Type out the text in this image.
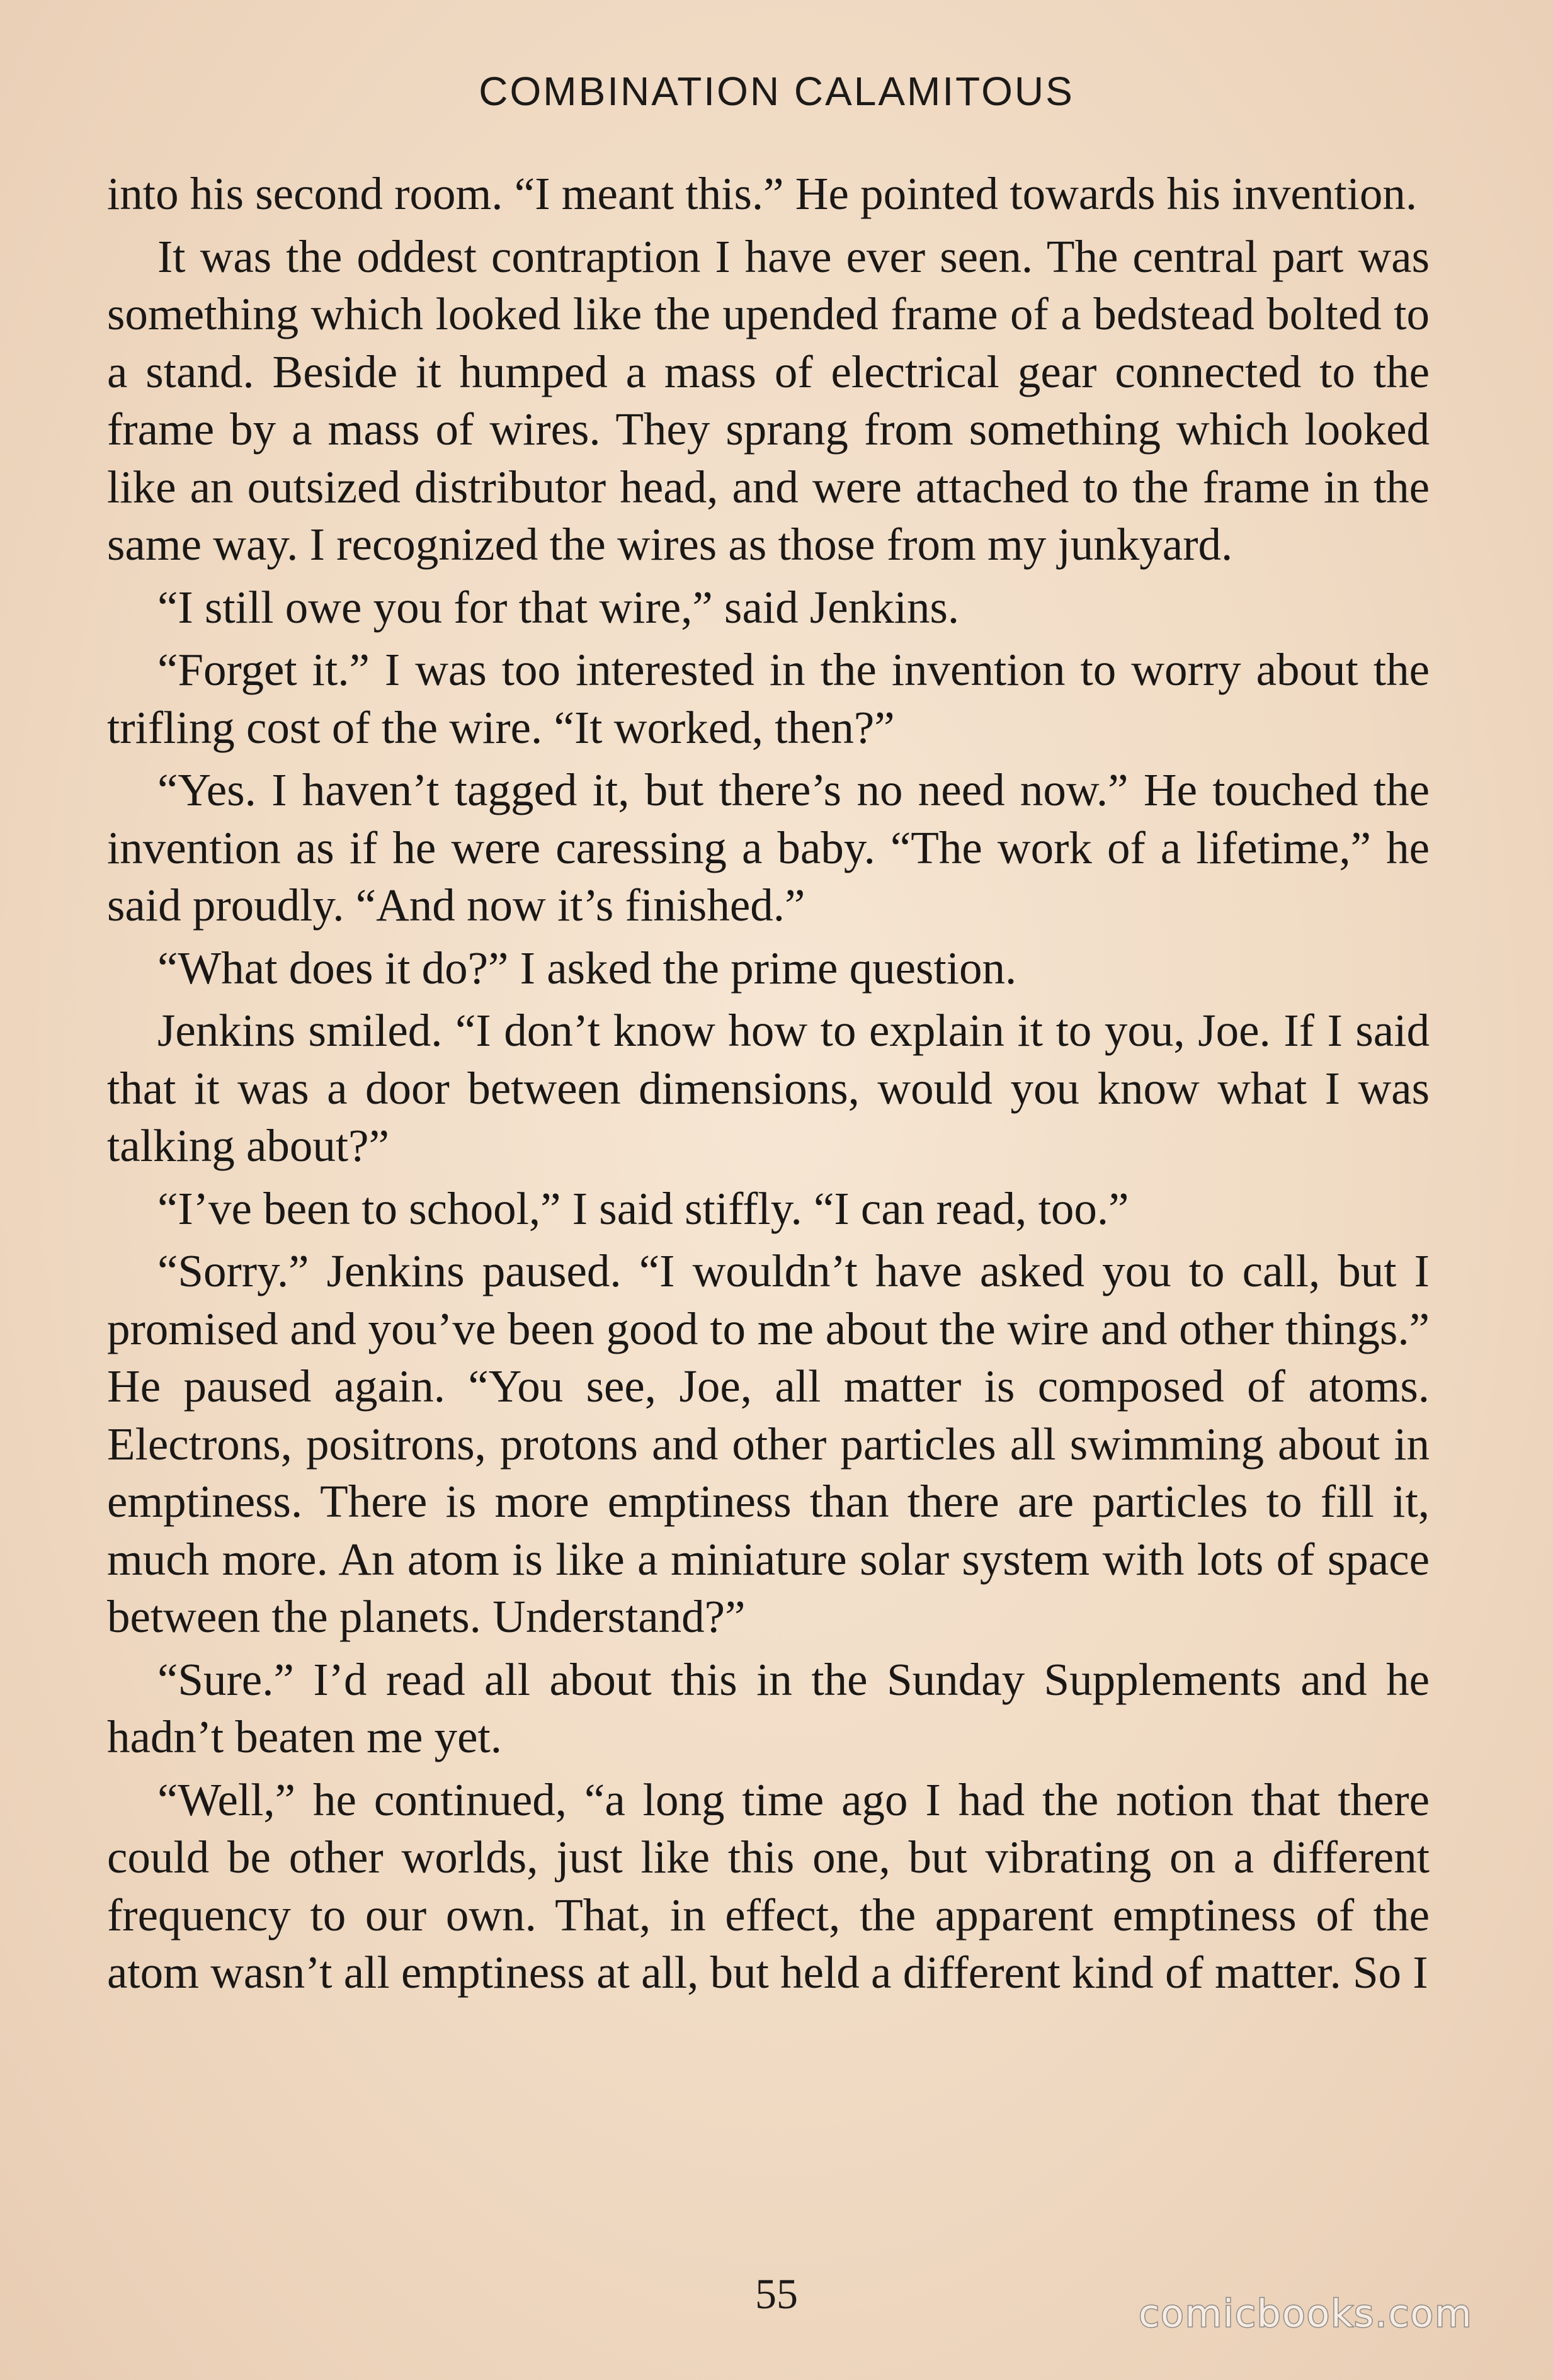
COMBINATION CALAMITOUS

into his second room. “I meant this.” He pointed towards his invention.

It was the oddest contraption I have ever seen. The central part was something which looked like the upended frame of a bedstead bolted to a stand. Beside it humped a mass of electrical gear connected to the frame by a mass of wires. They sprang from something which looked like an outsized distributor head, and were attached to the frame in the same way. I recognized the wires as those from my junkyard.

“I still owe you for that wire,” said Jenkins.

“Forget it.” I was too interested in the invention to worry about the trifling cost of the wire. “It worked, then?”

“Yes. I haven’t tagged it, but there’s no need now.” He touched the invention as if he were caressing a baby. “The work of a lifetime,” he said proudly. “And now it’s finished.”

“What does it do?” I asked the prime question.

Jenkins smiled. “I don’t know how to explain it to you, Joe. If I said that it was a door between dimensions, would you know what I was talking about?”

“I’ve been to school,” I said stiffly. “I can read, too.”

“Sorry.” Jenkins paused. “I wouldn’t have asked you to call, but I promised and you’ve been good to me about the wire and other things.” He paused again. “You see, Joe, all matter is composed of atoms. Electrons, positrons, protons and other particles all swimming about in emptiness. There is more emptiness than there are particles to fill it, much more. An atom is like a miniature solar system with lots of space between the planets. Understand?”

“Sure.” I’d read all about this in the Sunday Supplements and he hadn’t beaten me yet.

“Well,” he continued, “a long time ago I had the notion that there could be other worlds, just like this one, but vibrating on a different frequency to our own. That, in effect, the apparent emptiness of the atom wasn’t all emptiness at all, but held a different kind of matter. So I

55	comicbooks.com
